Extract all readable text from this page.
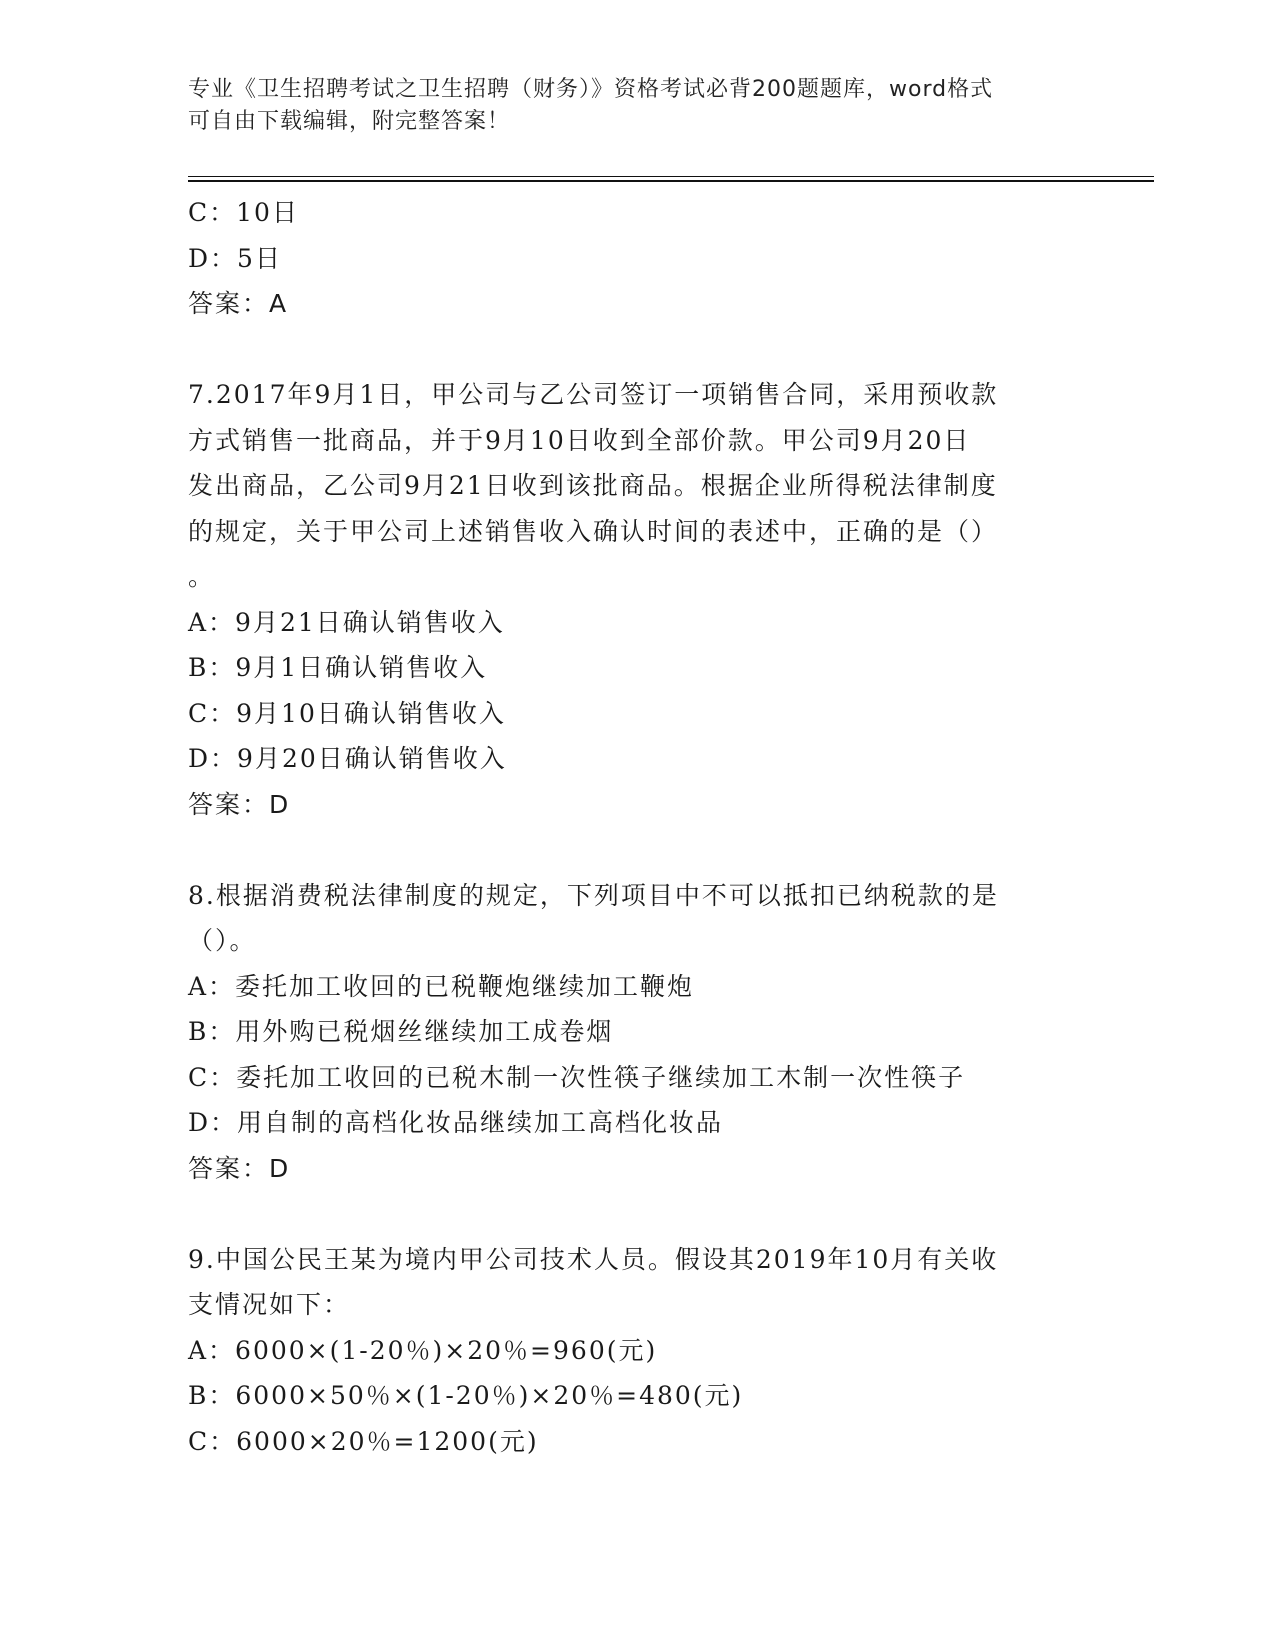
专业《卫生招聘考试之卫生招聘（财务）》资格考试必背200题题库，word格式
可自由下载编辑，附完整答案！
C：10日
D：5日
答案：A
7.2017年9月1日，甲公司与乙公司签订一项销售合同，采用预收款
方式销售一批商品，并于9月10日收到全部价款。甲公司9月20日
发出商品，乙公司9月21日收到该批商品。根据企业所得税法律制度
的规定，关于甲公司上述销售收入确认时间的表述中，正确的是（）
。
A：9月21日确认销售收入
B：9月1日确认销售收入
C：9月10日确认销售收入
D：9月20日确认销售收入
答案：D
8.根据消费税法律制度的规定，下列项目中不可以抵扣已纳税款的是
（）。
A：委托加工收回的已税鞭炮继续加工鞭炮
B：用外购已税烟丝继续加工成卷烟
C：委托加工收回的已税木制一次性筷子继续加工木制一次性筷子
D：用自制的高档化妆品继续加工高档化妆品
答案：D
9.中国公民王某为境内甲公司技术人员。假设其2019年10月有关收
支情况如下：
A：6000×(1-20％)×20％=960(元)
B：6000×50％×(1-20％)×20％=480(元)
C：6000×20％=1200(元)
